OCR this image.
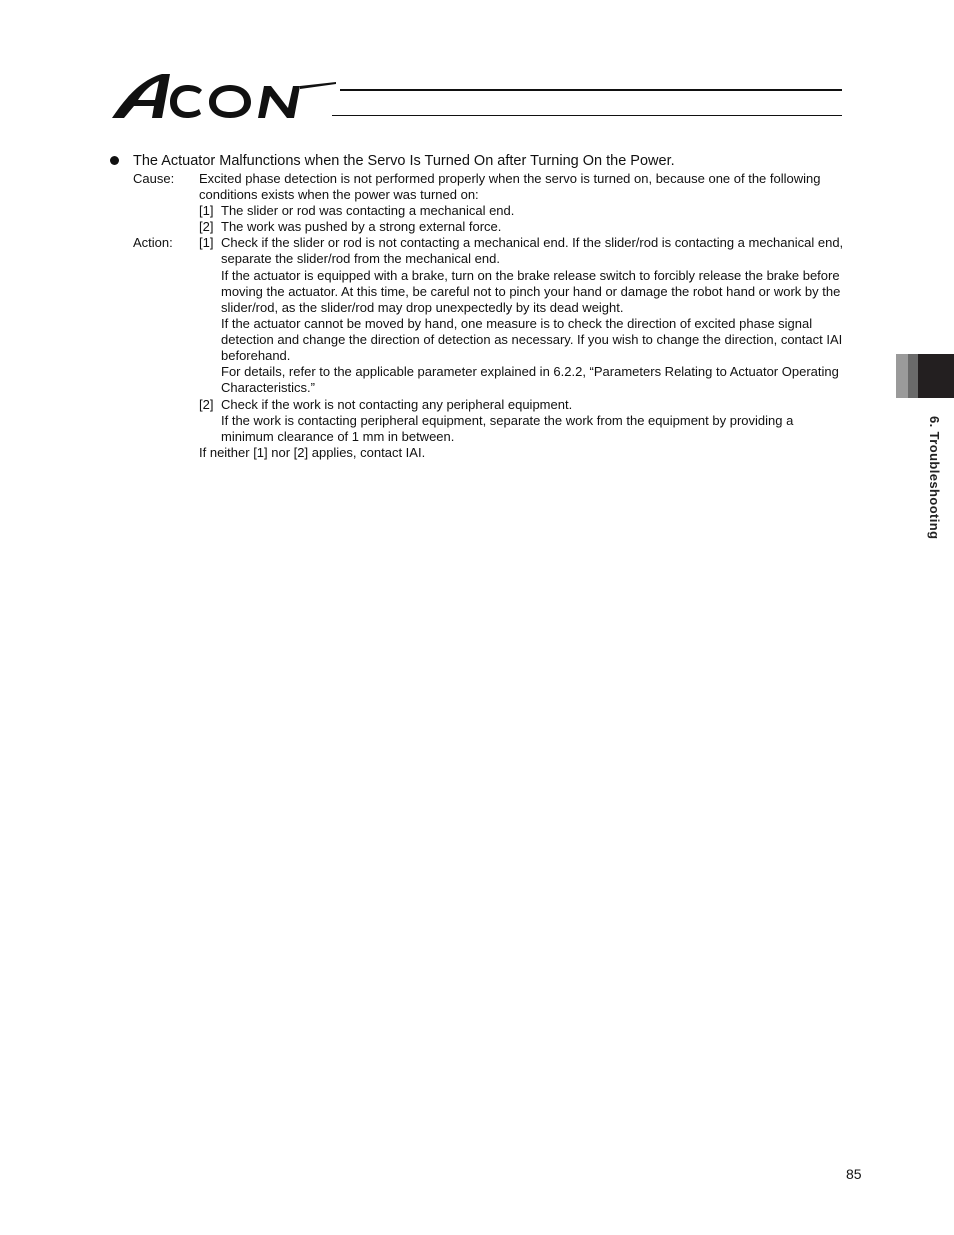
6. Troubleshooting
The Actuator Malfunctions when the Servo Is Turned On after Turning On the Power.
Cause: Excited phase detection is not performed properly when the servo is turned on, because one of the following conditions exists when the power was turned on:
[1] The slider or rod was contacting a mechanical end.
[2] The work was pushed by a strong external force.
Action: [1] Check if the slider or rod is not contacting a mechanical end. If the slider/rod is contacting a mechanical end, separate the slider/rod from the mechanical end.
If the actuator is equipped with a brake, turn on the brake release switch to forcibly release the brake before moving the actuator. At this time, be careful not to pinch your hand or damage the robot hand or work by the slider/rod, as the slider/rod may drop unexpectedly by its dead weight.
If the actuator cannot be moved by hand, one measure is to check the direction of excited phase signal detection and change the direction of detection as necessary. If you wish to change the direction, contact IAI beforehand.
For details, refer to the applicable parameter explained in 6.2.2, “Parameters Relating to Actuator Operating Characteristics.”
[2] Check if the work is not contacting any peripheral equipment.
If the work is contacting peripheral equipment, separate the work from the equipment by providing a minimum clearance of 1 mm in between.
If neither [1] nor [2] applies, contact IAI.
85
